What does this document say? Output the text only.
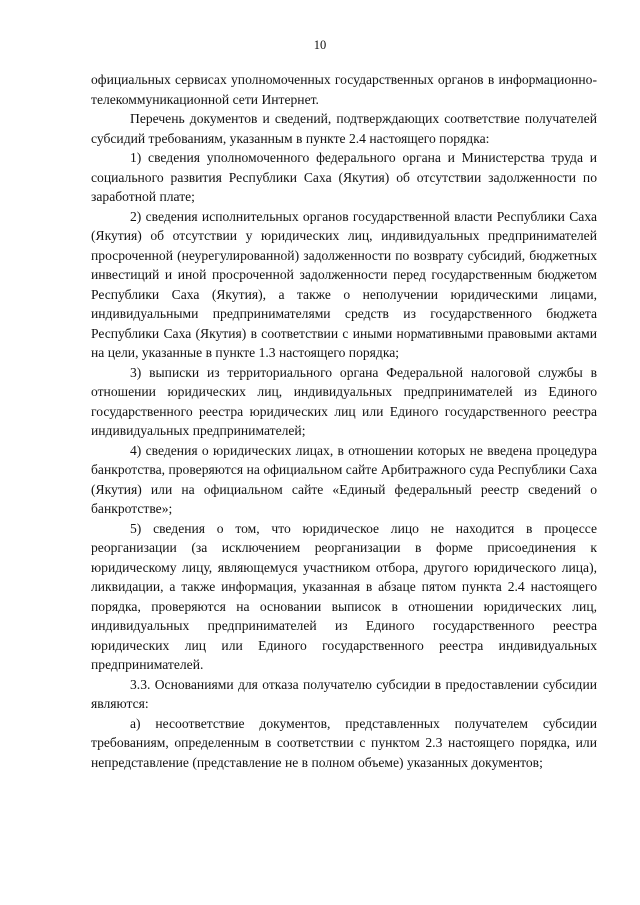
10

официальных сервисах уполномоченных государственных органов в информационно-телекоммуникационной сети Интернет.

Перечень документов и сведений, подтверждающих соответствие получателей субсидий требованиям, указанным в пункте 2.4 настоящего порядка:

1) сведения уполномоченного федерального органа и Министерства труда и социального развития Республики Саха (Якутия) об отсутствии задолженности по заработной плате;

2) сведения исполнительных органов государственной власти Республики Саха (Якутия) об отсутствии у юридических лиц, индивидуальных предпринимателей просроченной (неурегулированной) задолженности по возврату субсидий, бюджетных инвестиций и иной просроченной задолженности перед государственным бюджетом Республики Саха (Якутия), а также о неполучении юридическими лицами, индивидуальными предпринимателями средств из государственного бюджета Республики Саха (Якутия) в соответствии с иными нормативными правовыми актами на цели, указанные в пункте 1.3 настоящего порядка;

3) выписки из территориального органа Федеральной налоговой службы в отношении юридических лиц, индивидуальных предпринимателей из Единого государственного реестра юридических лиц или Единого государственного реестра индивидуальных предпринимателей;

4) сведения о юридических лицах, в отношении которых не введена процедура банкротства, проверяются на официальном сайте Арбитражного суда Республики Саха (Якутия) или на официальном сайте «Единый федеральный реестр сведений о банкротстве»;

5) сведения о том, что юридическое лицо не находится в процессе реорганизации (за исключением реорганизации в форме присоединения к юридическому лицу, являющемуся участником отбора, другого юридического лица), ликвидации, а также информация, указанная в абзаце пятом пункта 2.4 настоящего порядка, проверяются на основании выписок в отношении юридических лиц, индивидуальных предпринимателей из Единого государственного реестра юридических лиц или Единого государственного реестра индивидуальных предпринимателей.

3.3. Основаниями для отказа получателю субсидии в предоставлении субсидии являются:

а) несоответствие документов, представленных получателем субсидии требованиям, определенным в соответствии с пунктом 2.3 настоящего порядка, или непредставление (представление не в полном объеме) указанных документов;
